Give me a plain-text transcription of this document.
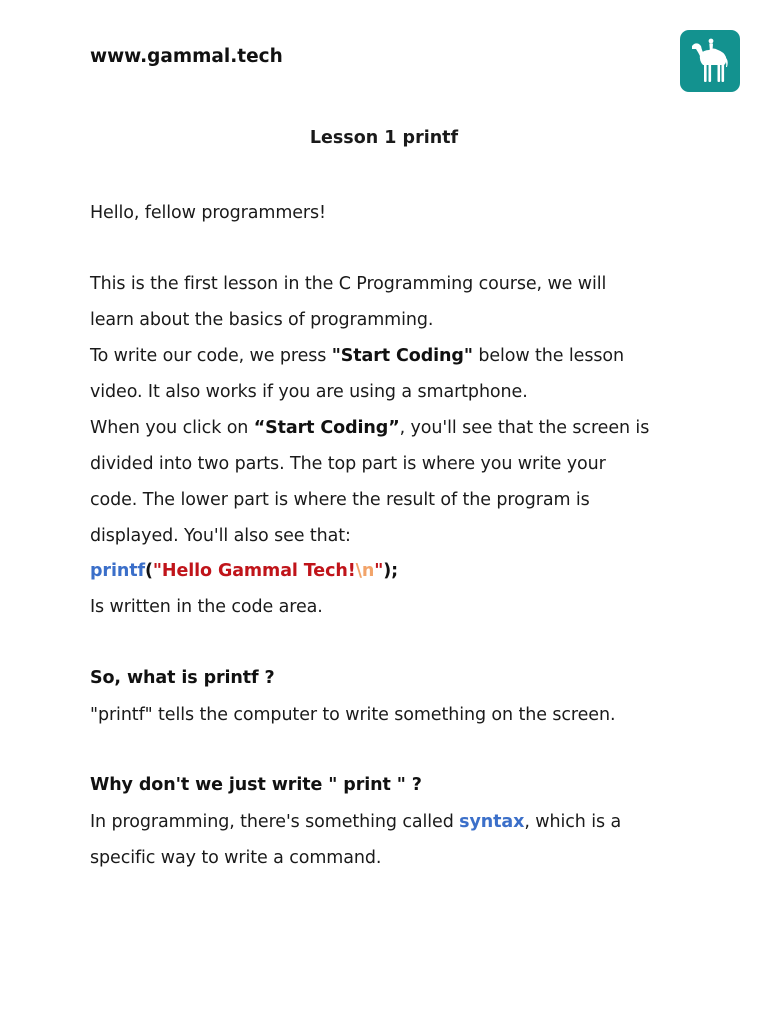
www.gammal.tech
Lesson 1 printf
Hello, fellow programmers!
This is the first lesson in the C Programming course, we will
learn about the basics of programming.
To write our code, we press "Start Coding" below the lesson
video. It also works if you are using a smartphone.
When you click on “Start Coding”, you'll see that the screen is
divided into two parts. The top part is where you write your
code. The lower part is where the result of the program is
displayed. You'll also see that:
printf("Hello Gammal Tech!\n");
Is written in the code area.
So, what is printf ?
"printf" tells the computer to write something on the screen.
Why don't we just write " print " ?
In programming, there's something called syntax, which is a
specific way to write a command.
